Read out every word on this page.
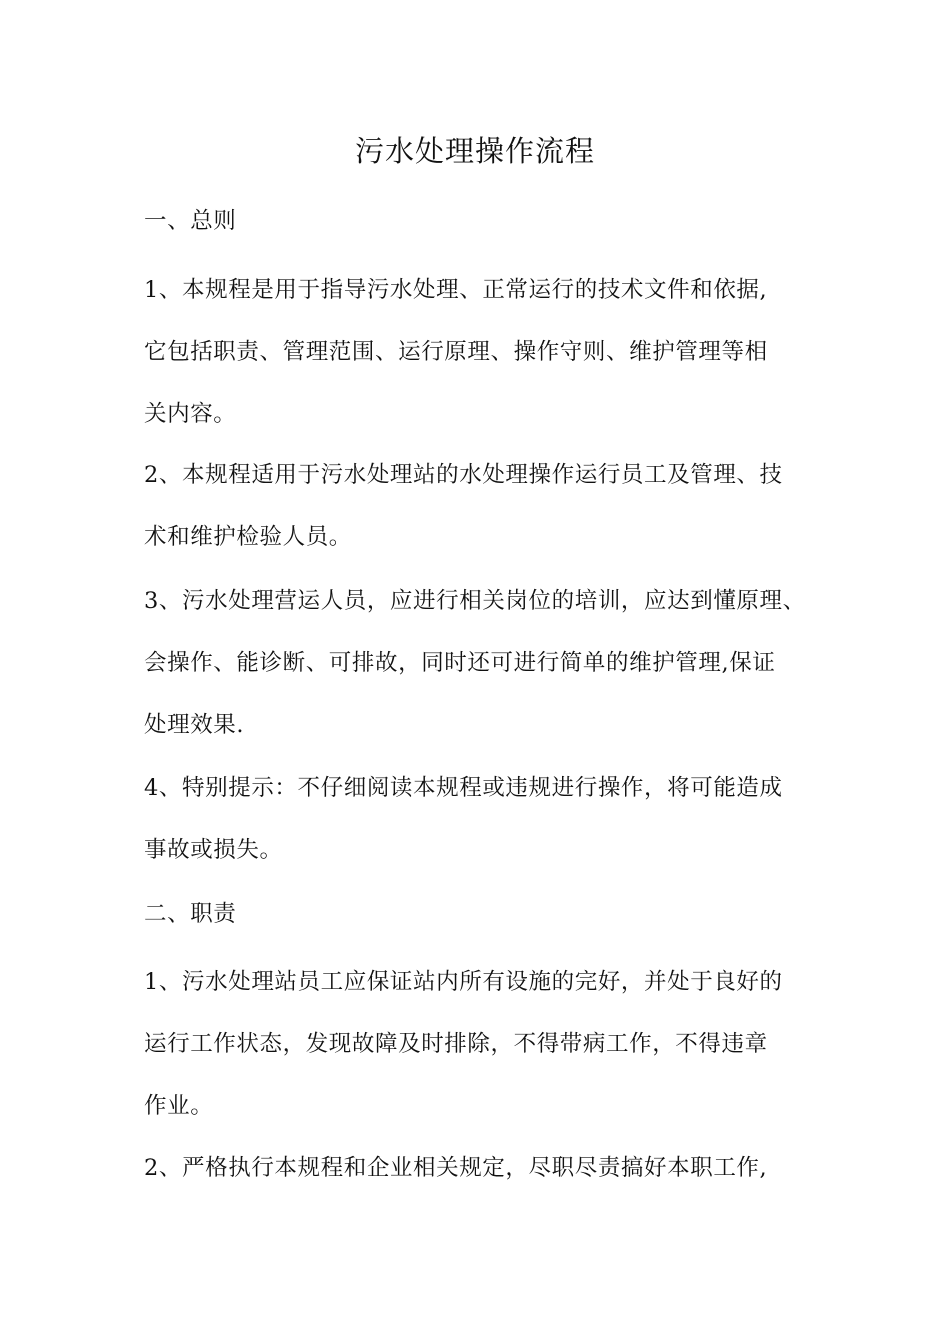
污水处理操作流程
一、总则
1、本规程是用于指导污水处理、正常运行的技术文件和依据,
它包括职责、管理范围、运行原理、操作守则、维护管理等相
关内容。
2、本规程适用于污水处理站的水处理操作运行员工及管理、技
术和维护检验人员。
3、污水处理营运人员，应进行相关岗位的培训，应达到懂原理、
会操作、能诊断、可排故，同时还可进行简单的维护管理,保证
处理效果.
4、特别提示：不仔细阅读本规程或违规进行操作，将可能造成
事故或损失。
二、职责
1、污水处理站员工应保证站内所有设施的完好，并处于良好的
运行工作状态，发现故障及时排除，不得带病工作，不得违章
作业。
2、严格执行本规程和企业相关规定，尽职尽责搞好本职工作,
